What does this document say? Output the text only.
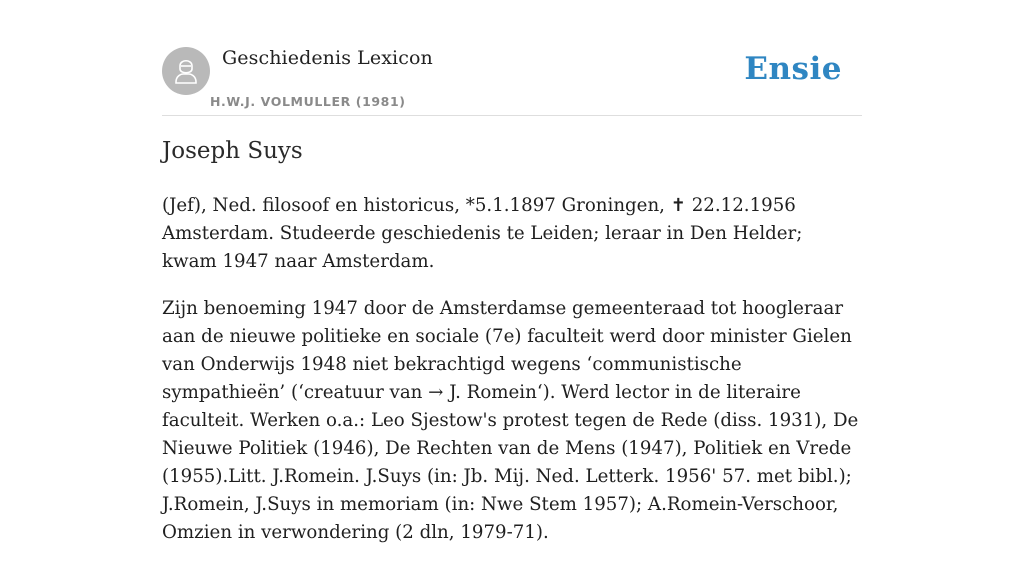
Geschiedenis Lexicon
H.W.J. VOLMULLER (1981)
Ensie
Joseph Suys

(Jef), Ned. filosoof en historicus, *5.1.1897 Groningen, ✝ 22.12.1956 Amsterdam. Studeerde geschiedenis te Leiden; leraar in Den Helder; kwam 1947 naar Amsterdam.

Zijn benoeming 1947 door de Amsterdamse gemeenteraad tot hoogleraar aan de nieuwe politieke en sociale (7e) faculteit werd door minister Gielen van Onderwijs 1948 niet bekrachtigd wegens ‘communistische sympathieën’ (‘creatuur van → J. Romein‘). Werd lector in de literaire faculteit. Werken o.a.: Leo Sjestow's protest tegen de Rede (diss. 1931), De Nieuwe Politiek (1946), De Rechten van de Mens (1947), Politiek en Vrede (1955).Litt. J.Romein. J.Suys (in: Jb. Mij. Ned. Letterk. 1956' 57. met bibl.); J.Romein, J.Suys in memoriam (in: Nwe Stem 1957); A.Romein-Verschoor, Omzien in verwondering (2 dln, 1979-71).
